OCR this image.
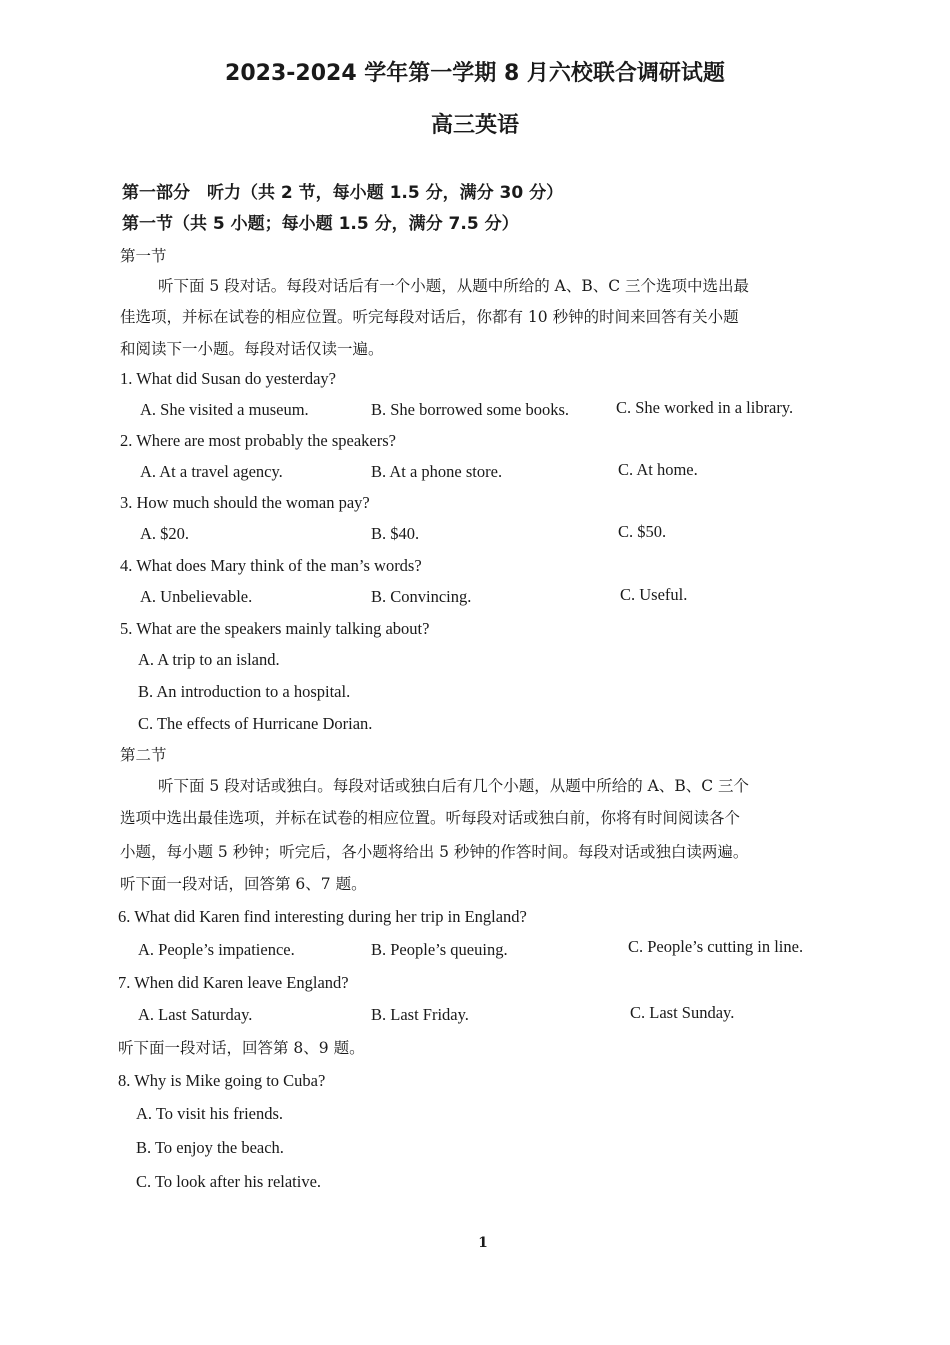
2023-2024 学年第一学期 8 月六校联合调研试题
高三英语
第一部分　听力（共 2 节，每小题 1.5 分，满分 30 分）
第一节（共 5 小题；每小题 1.5 分，满分 7.5 分）
第一节
听下面 5 段对话。每段对话后有一个小题，从题中所给的 A、B、C 三个选项中选出最
佳选项，并标在试卷的相应位置。听完每段对话后，你都有 10 秒钟的时间来回答有关小题
和阅读下一小题。每段对话仅读一遍。
1. What did Susan do yesterday?
A. She visited a museum.	B. She borrowed some books.	C. She worked in a library.
2. Where are most probably the speakers?
A. At a travel agency.	B. At a phone store.	C. At home.
3. How much should the woman pay?
A. $20.	B. $40.	C. $50.
4. What does Mary think of the man’s words?
A. Unbelievable.	B. Convincing.	C. Useful.
5. What are the speakers mainly talking about?
A. A trip to an island.
B. An introduction to a hospital.
C. The effects of Hurricane Dorian.
第二节
听下面 5 段对话或独白。每段对话或独白后有几个小题，从题中所给的 A、B、C 三个
选项中选出最佳选项，并标在试卷的相应位置。听每段对话或独白前，你将有时间阅读各个
小题，每小题 5 秒钟；听完后，各小题将给出 5 秒钟的作答时间。每段对话或独白读两遍。
听下面一段对话，回答第 6、7 题。
6. What did Karen find interesting during her trip in England?
A. People’s impatience.	B. People’s queuing.	C. People’s cutting in line.
7. When did Karen leave England?
A. Last Saturday.	B. Last Friday.	C. Last Sunday.
听下面一段对话，回答第 8、9 题。
8. Why is Mike going to Cuba?
A. To visit his friends.
B. To enjoy the beach.
C. To look after his relative.
1
